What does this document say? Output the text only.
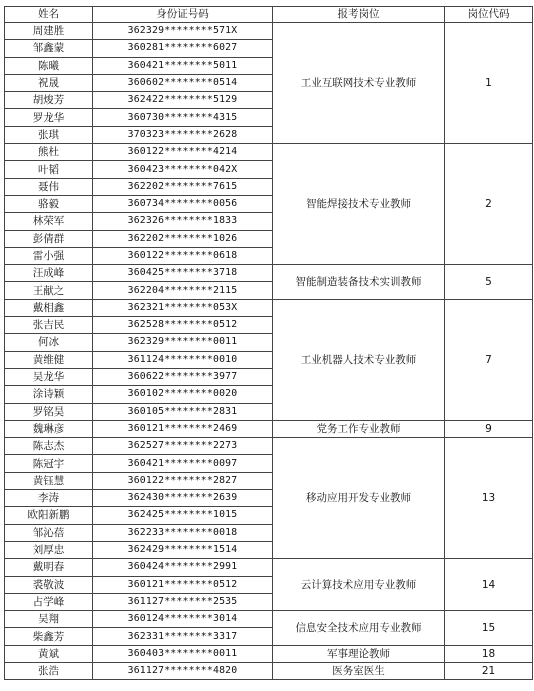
姓名	身份证号码	报考岗位	岗位代码
周建胜	362329********571X	工业互联网技术专业教师	1
邹鑫蒙	360281********6027		
陈曦	360421********5011		
祝晟	360602********0514		
胡焌芳	362422********5129		
罗龙华	360730********4315		
张琪	370323********2628		
熊杜	360122********4214	智能焊接技术专业教师	2
叶韬	360423********042X		
聂伟	362202********7615		
骆毅	360734********0056		
林荣军	362326********1833		
彭倩群	362202********1026		
雷小强	360122********0618		
汪成峰	360425********3718	智能制造装备技术实训教师	5
王献之	362204********2115		
戴相鑫	362321********053X	工业机器人技术专业教师	7
张吉民	362528********0512		
何冰	362329********0011		
黄维健	361124********0010		
吴龙华	360622********3977		
涂诗颖	360102********0020		
罗铭昊	360105********2831		
魏琳彦	360121********2469	党务工作专业教师	9
陈志杰	362527********2273	移动应用开发专业教师	13
陈冠宇	360421********0097		
黄钰慧	360122********2827		
李涛	362430********2639		
欧阳新鹏	362425********1015		
邹沁蓓	362233********0018		
刘厚忠	362429********1514		
戴明春	360424********2991	云计算技术应用专业教师	14
裘敬波	360121********0512		
占学峰	361127********2535		
吴翔	360124********3014	信息安全技术应用专业教师	15
柴鑫芳	362331********3317		
黄斌	360403********0011	军事理论教师	18
张浩	361127********4820	医务室医生	21
